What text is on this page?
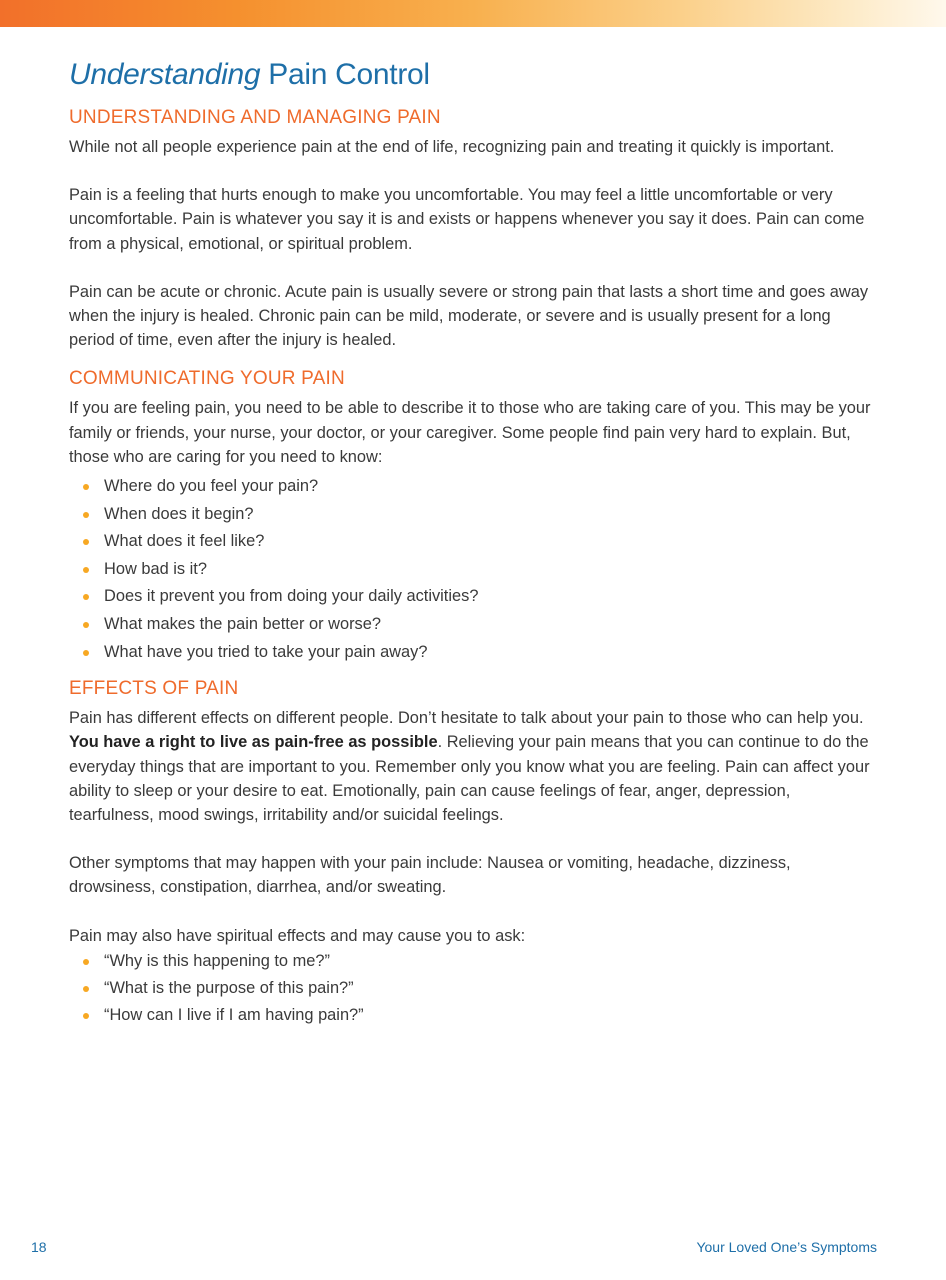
Understanding Pain Control
UNDERSTANDING AND MANAGING PAIN

While not all people experience pain at the end of life, recognizing pain and treating it quickly is important.

Pain is a feeling that hurts enough to make you uncomfortable. You may feel a little uncomfortable or very uncomfortable. Pain is whatever you say it is and exists or happens whenever you say it does. Pain can come from a physical, emotional, or spiritual problem.

Pain can be acute or chronic. Acute pain is usually severe or strong pain that lasts a short time and goes away when the injury is healed. Chronic pain can be mild, moderate, or severe and is usually present for a long period of time, even after the injury is healed.

COMMUNICATING YOUR PAIN

If you are feeling pain, you need to be able to describe it to those who are taking care of you. This may be your family or friends, your nurse, your doctor, or your caregiver. Some people find pain very hard to explain. But, those who are caring for you need to know:

Where do you feel your pain?
When does it begin?
What does it feel like?
How bad is it?
Does it prevent you from doing your daily activities?
What makes the pain better or worse?
What have you tried to take your pain away?
EFFECTS OF PAIN

Pain has different effects on different people. Don’t hesitate to talk about your pain to those who can help you. You have a right to live as pain-free as possible. Relieving your pain means that you can continue to do the everyday things that are important to you. Remember only you know what you are feeling. Pain can affect your ability to sleep or your desire to eat. Emotionally, pain can cause feelings of fear, anger, depression, tearfulness, mood swings, irritability and/or suicidal feelings.

Other symptoms that may happen with your pain include: Nausea or vomiting, headache, dizziness, drowsiness, constipation, diarrhea, and/or sweating.

Pain may also have spiritual effects and may cause you to ask:

“Why is this happening to me?”
“What is the purpose of this pain?”
“How can I live if I am having pain?”
18	Your Loved One’s Symptoms
